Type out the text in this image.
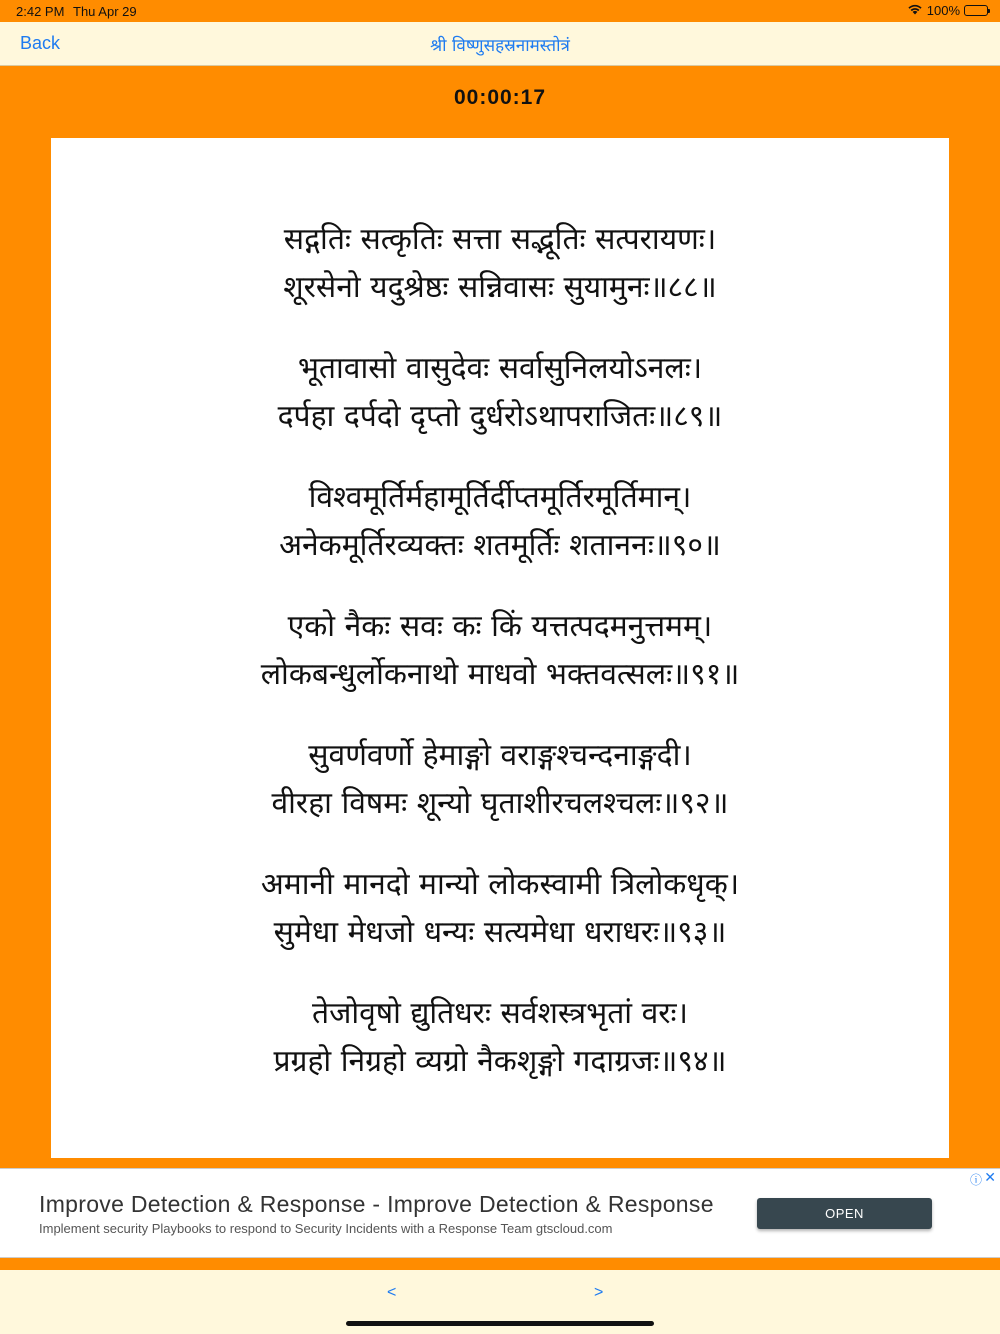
2:42 PM Thu Apr 29	100%
Back	श्री विष्णुसहस्रनामस्तोत्रं
00:00:17
सद्गतिः सत्कृतिः सत्ता सद्भूतिः सत्परायणः।
शूरसेनो यदुश्रेष्ठः सन्निवासः सुयामुनः॥८८॥
भूतावासो वासुदेवः सर्वासुनिलयोऽनलः।
दर्पहा दर्पदो दृप्तो दुर्धरोऽथापराजितः॥८९॥
विश्वमूर्तिर्महामूर्तिर्दीप्तमूर्तिरमूर्तिमान्।
अनेकमूर्तिरव्यक्तः शतमूर्तिः शताननः॥९०॥
एको नैकः सवः कः किं यत्तत्पदमनुत्तमम्।
लोकबन्धुर्लोकनाथो माधवो भक्तवत्सलः॥९१॥
सुवर्णवर्णो हेमाङ्गो वराङ्गश्चन्दनाङ्गदी।
वीरहा विषमः शून्यो घृताशीरचलश्चलः॥९२॥
अमानी मानदो मान्यो लोकस्वामी त्रिलोकधृक्।
सुमेधा मेधजो धन्यः सत्यमेधा धराधरः॥९३॥
तेजोवृषो द्युतिधरः सर्वशस्त्रभृतां वरः।
प्रग्रहो निग्रहो व्यग्रो नैकश‍ृङ्गो गदाग्रजः॥९४॥
ⓘ ✕
Improve Detection & Response - Improve Detection & Response
Implement security Playbooks to respond to Security Incidents with a Response Team gtscloud.com
OPEN
<	>
